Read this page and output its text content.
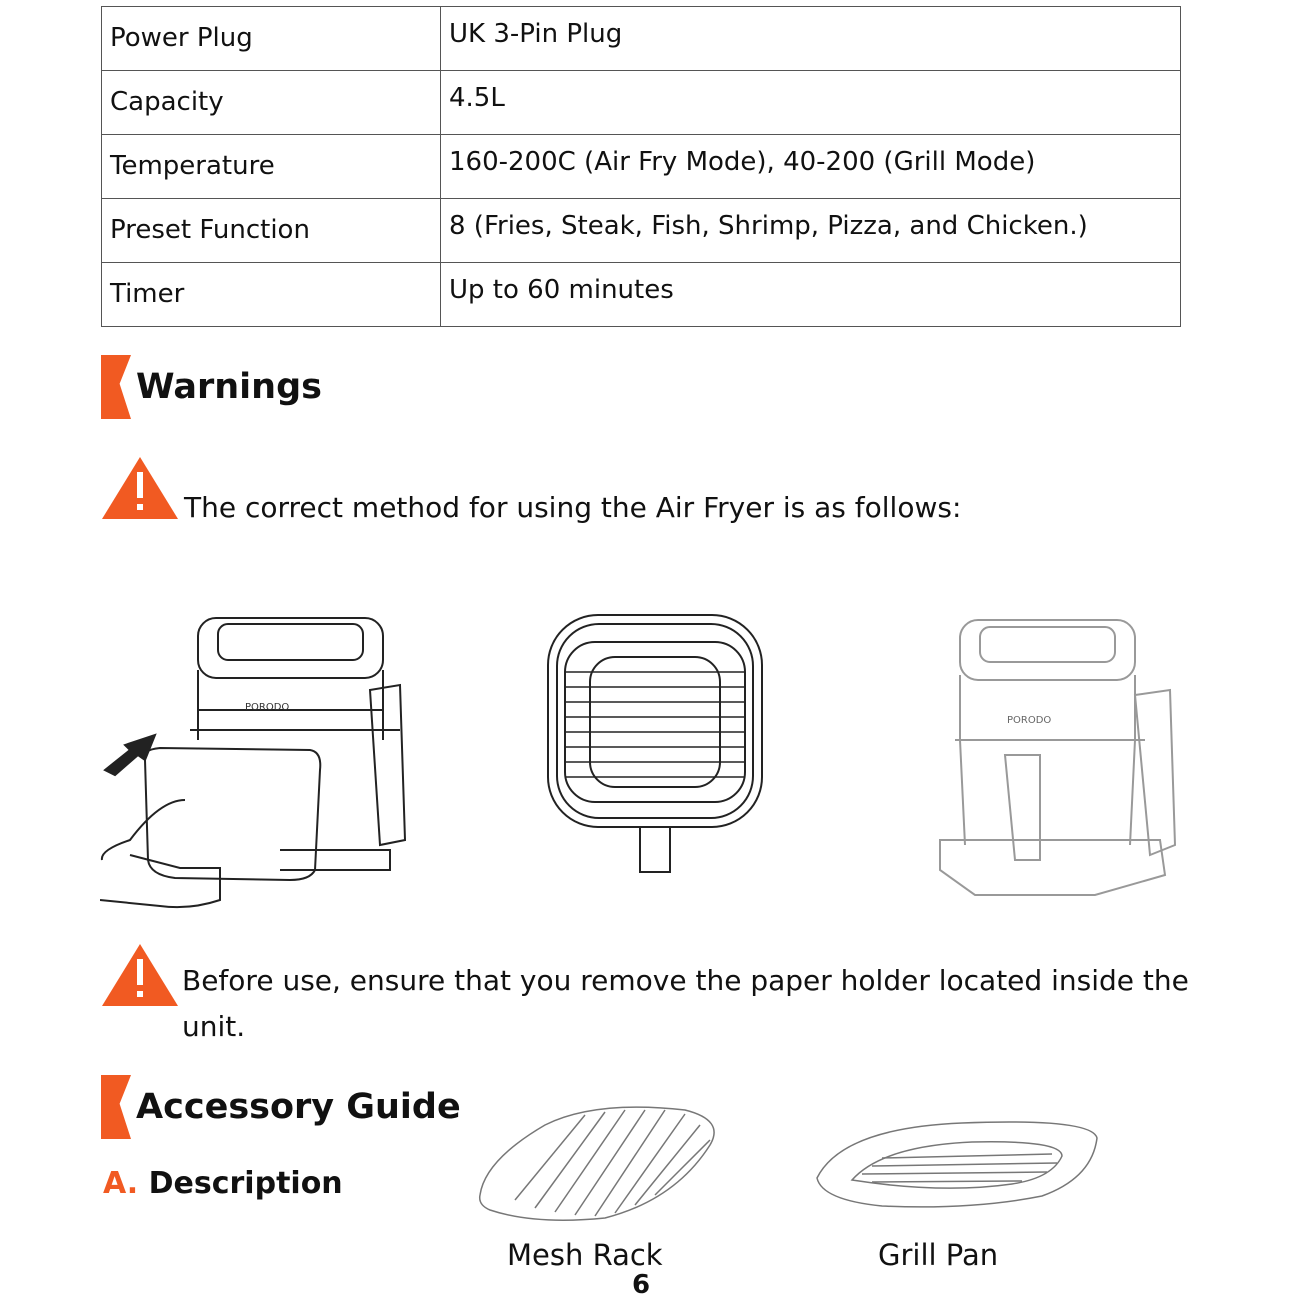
Power Plug	UK 3-Pin Plug
Capacity	4.5L
Temperature	160-200C (Air Fry Mode), 40-200 (Grill Mode)
Preset Function	8 (Fries, Steak, Fish, Shrimp, Pizza, and Chicken.)
Timer	Up to 60 minutes
Warnings
The correct method for using the Air Fryer is as follows:
PORODO
PORODO
Before use, ensure that you remove the paper holder located inside the
unit.
Accessory Guide
A. Description
Mesh Rack	Grill Pan
6
